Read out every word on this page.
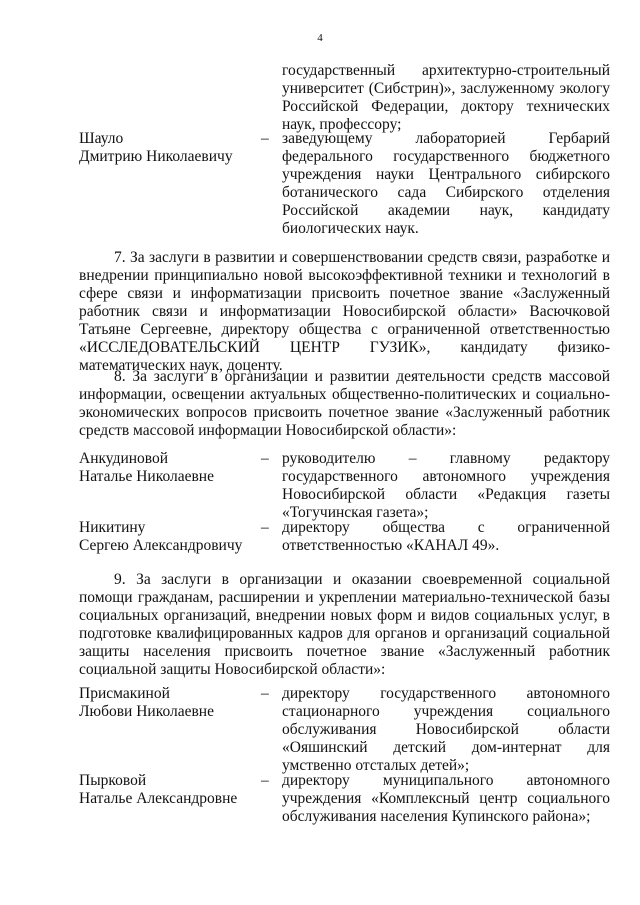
4
государственный архитектурно-строительный университет (Сибстрин)», заслуженному экологу Российской Федерации, доктору технических наук, профессору;
Шауло
Дмитрию Николаевичу
– заведующему лабораторией Гербарий федерального государственного бюджетного учреждения науки Центрального сибирского ботанического сада Сибирского отделения Российской академии наук, кандидату биологических наук.
7. За заслуги в развитии и совершенствовании средств связи, разработке и внедрении принципиально новой высокоэффективной техники и технологий в сфере связи и информатизации присвоить почетное звание «Заслуженный работник связи и информатизации Новосибирской области» Васючковой Татьяне Сергеевне, директору общества с ограниченной ответственностью «ИССЛЕДОВАТЕЛЬСКИЙ ЦЕНТР ГУЗИК», кандидату физико-математических наук, доценту.
8. За заслуги в организации и развитии деятельности средств массовой информации, освещении актуальных общественно-политических и социально-экономических вопросов присвоить почетное звание «Заслуженный работник средств массовой информации Новосибирской области»:
Анкудиновой
Наталье Николаевне
– руководителю – главному редактору государственного автономного учреждения Новосибирской области «Редакция газеты «Тогучинская газета»;
Никитину
Сергею Александровичу
– директору общества с ограниченной ответственностью «КАНАЛ 49».
9. За заслуги в организации и оказании своевременной социальной помощи гражданам, расширении и укреплении материально-технической базы социальных организаций, внедрении новых форм и видов социальных услуг, в подготовке квалифицированных кадров для органов и организаций социальной защиты населения присвоить почетное звание «Заслуженный работник социальной защиты Новосибирской области»:
Присмакиной
Любови Николаевне
– директору государственного автономного стационарного учреждения социального обслуживания Новосибирской области «Ояшинский детский дом-интернат для умственно отсталых детей»;
Пырковой
Наталье Александровне
– директору муниципального автономного учреждения «Комплексный центр социального обслуживания населения Купинского района»;
